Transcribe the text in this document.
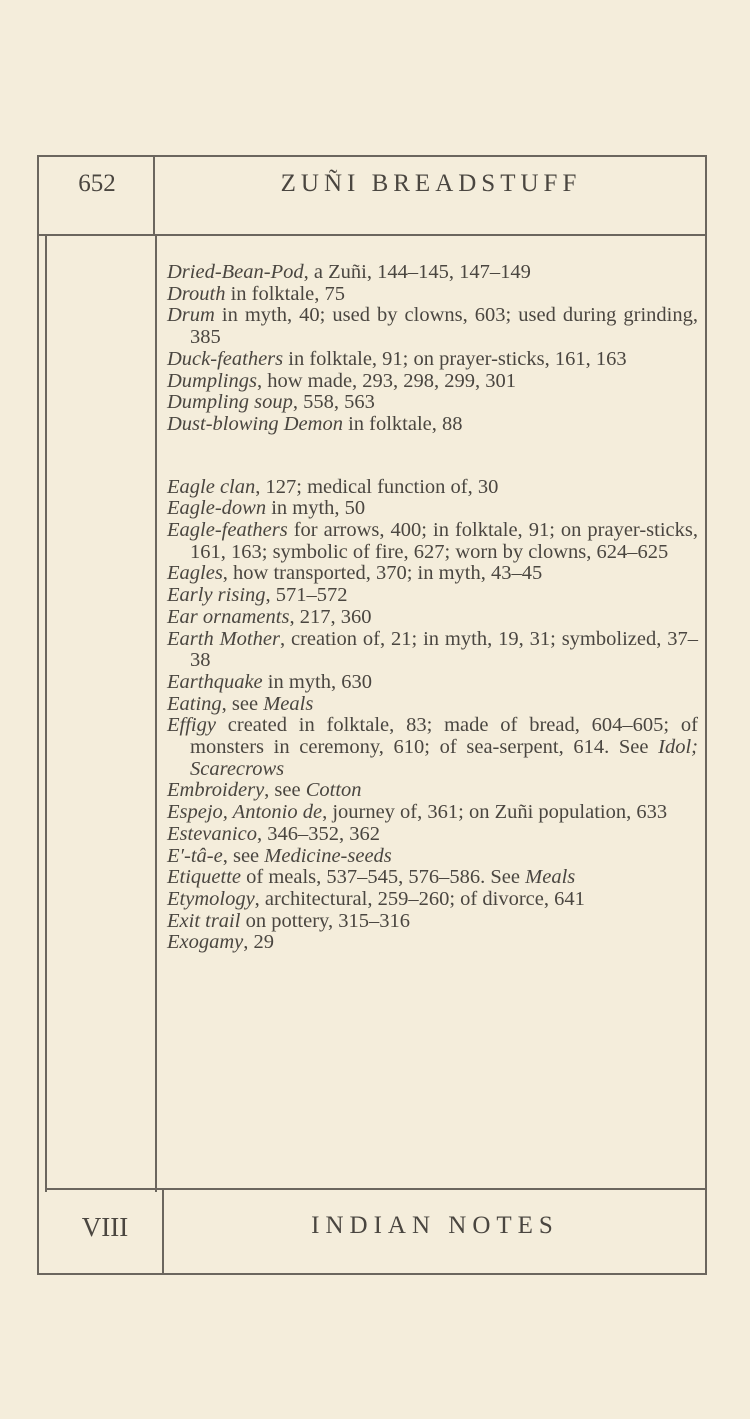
652	ZUÑI BREADSTUFF
Dried-Bean-Pod, a Zuñi, 144–145, 147–149
Drouth in folktale, 75
Drum in myth, 40; used by clowns, 603; used during grinding, 385
Duck-feathers in folktale, 91; on prayer-sticks, 161, 163
Dumplings, how made, 293, 298, 299, 301
Dumpling soup, 558, 563
Dust-blowing Demon in folktale, 88
Eagle clan, 127; medical function of, 30
Eagle-down in myth, 50
Eagle-feathers for arrows, 400; in folktale, 91; on prayer-sticks, 161, 163; symbolic of fire, 627; worn by clowns, 624–625
Eagles, how transported, 370; in myth, 43–45
Early rising, 571–572
Ear ornaments, 217, 360
Earth Mother, creation of, 21; in myth, 19, 31; symbolized, 37–38
Earthquake in myth, 630
Eating, see Meals
Effigy created in folktale, 83; made of bread, 604–605; of monsters in ceremony, 610; of sea-serpent, 614. See Idol; Scarecrows
Embroidery, see Cotton
Espejo, Antonio de, journey of, 361; on Zuñi population, 633
Estevanico, 346–352, 362
E′-tâ-e, see Medicine-seeds
Etiquette of meals, 537–545, 576–586. See Meals
Etymology, architectural, 259–260; of divorce, 641
Exit trail on pottery, 315–316
Exogamy, 29
VIII	INDIAN NOTES
